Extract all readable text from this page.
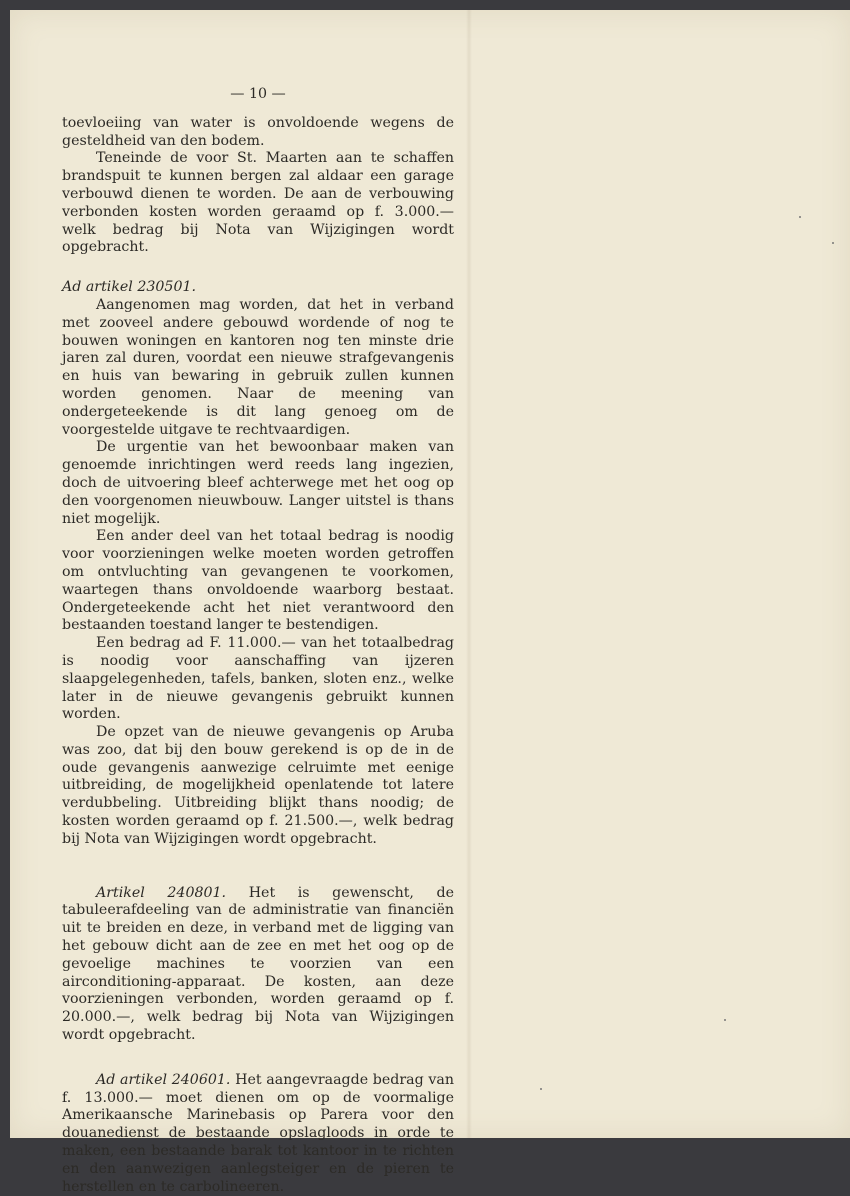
— 10 —

toevloeiing van water is onvoldoende wegens de gesteldheid van den bodem.

Teneinde de voor St. Maarten aan te schaffen brandspuit te kunnen bergen zal aldaar een garage verbouwd dienen te worden. De aan de verbouwing verbonden kosten worden geraamd op f. 3.000.— welk bedrag bij Nota van Wijzigingen wordt opgebracht.

Ad artikel 230501.

Aangenomen mag worden, dat het in verband met zooveel andere gebouwd wordende of nog te bouwen woningen en kantoren nog ten minste drie jaren zal duren, voordat een nieuwe strafgevangenis en huis van bewaring in gebruik zullen kunnen worden genomen. Naar de meening van ondergeteekende is dit lang genoeg om de voorgestelde uitgave te rechtvaardigen.

De urgentie van het bewoonbaar maken van genoemde inrichtingen werd reeds lang ingezien, doch de uitvoering bleef achterwege met het oog op den voorgenomen nieuwbouw. Langer uitstel is thans niet mogelijk.

Een ander deel van het totaal bedrag is noodig voor voorzieningen welke moeten worden getroffen om ontvluchting van gevangenen te voorkomen, waartegen thans onvoldoende waarborg bestaat. Ondergeteekende acht het niet verantwoord den bestaanden toestand langer te bestendigen.

Een bedrag ad F. 11.000.— van het totaalbedrag is noodig voor aanschaffing van ijzeren slaapgelegenheden, tafels, banken, sloten enz., welke later in de nieuwe gevangenis gebruikt kunnen worden.

De opzet van de nieuwe gevangenis op Aruba was zoo, dat bij den bouw gerekend is op de in de oude gevangenis aanwezige celruimte met eenige uitbreiding, de mogelijkheid openlatende tot latere verdubbeling. Uitbreiding blijkt thans noodig; de kosten worden geraamd op f. 21.500.—, welk bedrag bij Nota van Wijzigingen wordt opgebracht.

Artikel 240801. Het is gewenscht, de tabuleerafdeeling van de administratie van financiën uit te breiden en deze, in verband met de ligging van het gebouw dicht aan de zee en met het oog op de gevoelige machines te voorzien van een airconditioning-apparaat. De kosten, aan deze voorzieningen verbonden, worden geraamd op f. 20.000.—, welk bedrag bij Nota van Wijzigingen wordt opgebracht.

Ad artikel 240601. Het aangevraagde bedrag van f. 13.000.— moet dienen om op de voormalige Amerikaansche Marinebasis op Parera voor den douanedienst de bestaande opslagloods in orde te maken, een bestaande barak tot kantoor in te richten en den aanwezigen aanlegsteiger en de pieren te herstellen en te carbolineeren.
